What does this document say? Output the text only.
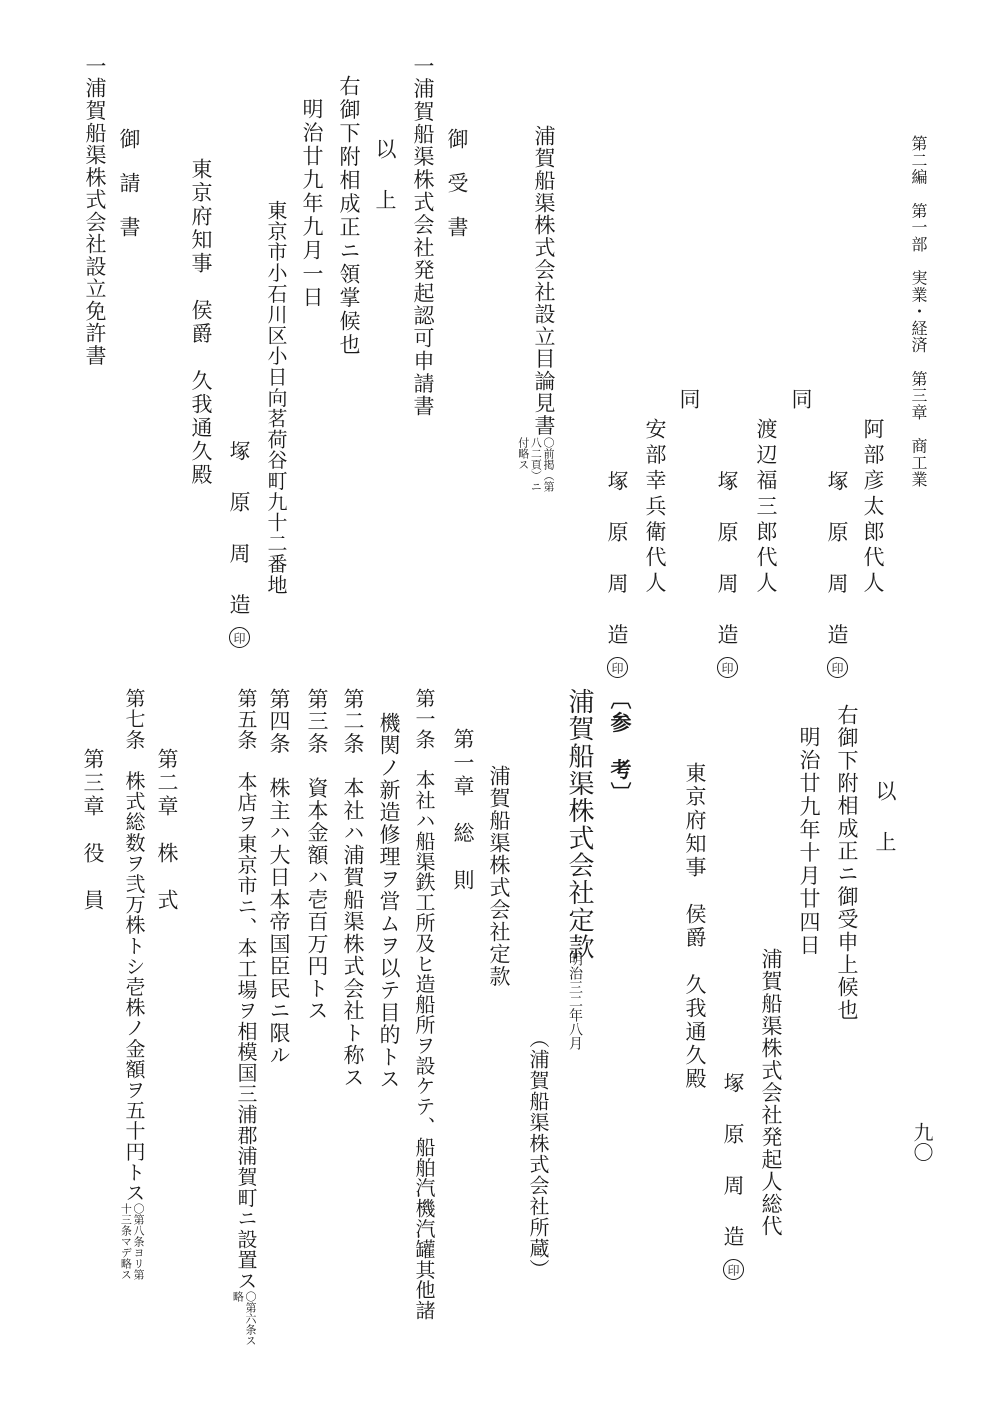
第二編　第一部　実業・経済　第三章　商工業
九〇
阿部彦太郎代人
塚　原　周　造印
同
渡辺福三郎代人
塚　原　周　造印
同
安部幸兵衛代人
塚　原　周　造印
浦賀船渠株式会社設立目論見書〇前掲（第八二頁）ニ付略ス
御受書
一浦賀船渠株式会社発起認可申請書
以　上
右御下附相成正ニ領掌候也
明治廿九年九月一日
東京市小石川区小日向茗荷谷町九十二番地
塚　原　周　造印
東京府知事　侯爵　久我通久殿
御請書
一浦賀船渠株式会社設立免許書
以　上
右御下附相成正ニ御受申上候也
明治廿九年十月廿四日
浦賀船渠株式会社発起人総代
塚　原　周　造印
東京府知事　侯爵　久我通久殿
〔参　考〕
浦賀船渠株式会社定款
明治三二年八月
（浦賀船渠株式会社所蔵）
浦賀船渠株式会社定款
第一章　総　則
第一条　本社ハ船渠鉄工所及ヒ造船所ヲ設ケテ、船舶汽機汽罐其他諸
機関ノ新造修理ヲ営ムヲ以テ目的トス
第二条　本社ハ浦賀船渠株式会社ト称ス
第三条　資本金額ハ壱百万円トス
第四条　株主ハ大日本帝国臣民ニ限ル
第五条　本店ヲ東京市ニ、本工場ヲ相模国三浦郡浦賀町ニ設置ス〇第六条ス略
第二章　株　式
第七条　株式総数ヲ弐万株トシ壱株ノ金額ヲ五十円トス〇第八条ヨリ第十三条マデ略ス
第三章　役　員
